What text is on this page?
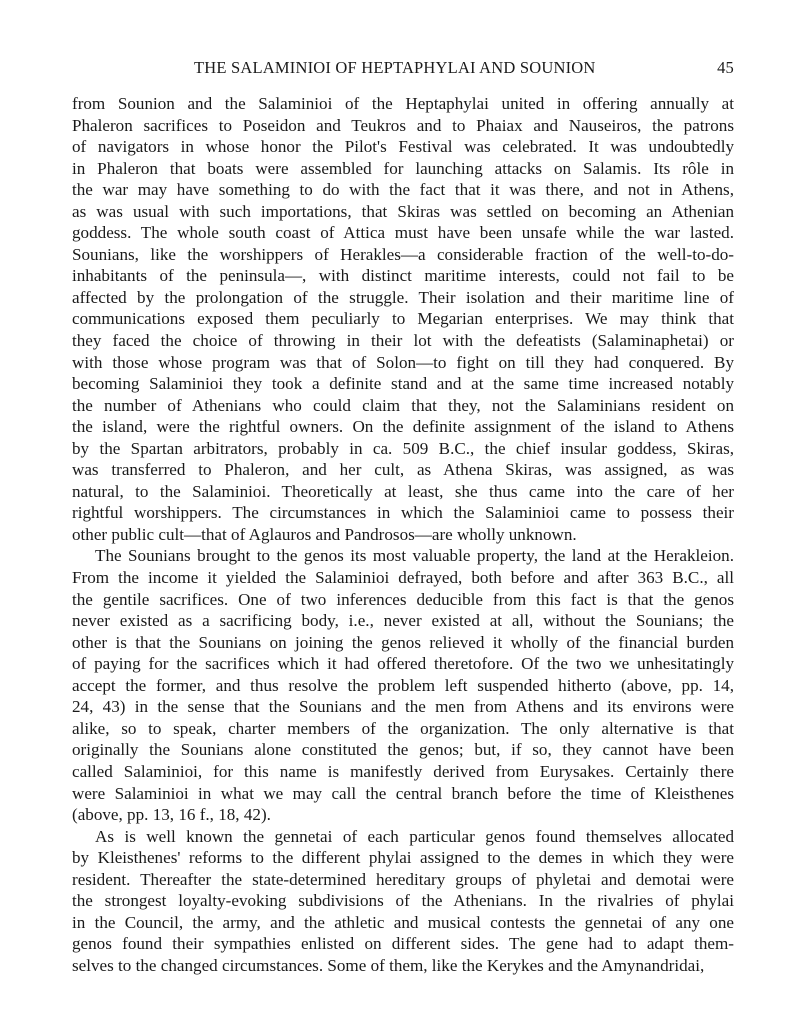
THE SALAMINIOI OF HEPTAPHYLAI AND SOUNION	45
from Sounion and the Salaminioi of the Heptaphylai united in offering annually at
Phaleron sacrifices to Poseidon and Teukros and to Phaiax and Nauseiros, the patrons
of navigators in whose honor the Pilot's Festival was celebrated. It was undoubtedly
in Phaleron that boats were assembled for launching attacks on Salamis. Its rôle in
the war may have something to do with the fact that it was there, and not in Athens,
as was usual with such importations, that Skiras was settled on becoming an Athenian
goddess. The whole south coast of Attica must have been unsafe while the war lasted.
Sounians, like the worshippers of Herakles—a considerable fraction of the well-to-do-
inhabitants of the peninsula—, with distinct maritime interests, could not fail to be
affected by the prolongation of the struggle. Their isolation and their maritime line of
communications exposed them peculiarly to Megarian enterprises. We may think that
they faced the choice of throwing in their lot with the defeatists (Salaminaphetai) or
with those whose program was that of Solon—to fight on till they had conquered. By
becoming Salaminioi they took a definite stand and at the same time increased notably
the number of Athenians who could claim that they, not the Salaminians resident on
the island, were the rightful owners. On the definite assignment of the island to Athens
by the Spartan arbitrators, probably in ca. 509 B.C., the chief insular goddess, Skiras,
was transferred to Phaleron, and her cult, as Athena Skiras, was assigned, as was
natural, to the Salaminioi. Theoretically at least, she thus came into the care of her
rightful worshippers. The circumstances in which the Salaminioi came to possess their
other public cult—that of Aglauros and Pandrosos—are wholly unknown.
The Sounians brought to the genos its most valuable property, the land at the Herakleion.
From the income it yielded the Salaminioi defrayed, both before and after 363 B.C., all
the gentile sacrifices. One of two inferences deducible from this fact is that the genos
never existed as a sacrificing body, i.e., never existed at all, without the Sounians; the
other is that the Sounians on joining the genos relieved it wholly of the financial burden
of paying for the sacrifices which it had offered theretofore. Of the two we unhesitatingly
accept the former, and thus resolve the problem left suspended hitherto (above, pp. 14,
24, 43) in the sense that the Sounians and the men from Athens and its environs were
alike, so to speak, charter members of the organization. The only alternative is that
originally the Sounians alone constituted the genos; but, if so, they cannot have been
called Salaminioi, for this name is manifestly derived from Eurysakes. Certainly there
were Salaminioi in what we may call the central branch before the time of Kleisthenes
(above, pp. 13, 16 f., 18, 42).
As is well known the gennetai of each particular genos found themselves allocated
by Kleisthenes' reforms to the different phylai assigned to the demes in which they were
resident. Thereafter the state-determined hereditary groups of phyletai and demotai were
the strongest loyalty-evoking subdivisions of the Athenians. In the rivalries of phylai
in the Council, the army, and the athletic and musical contests the gennetai of any one
genos found their sympathies enlisted on different sides. The gene had to adapt them-
selves to the changed circumstances. Some of them, like the Kerykes and the Amynandridai,
